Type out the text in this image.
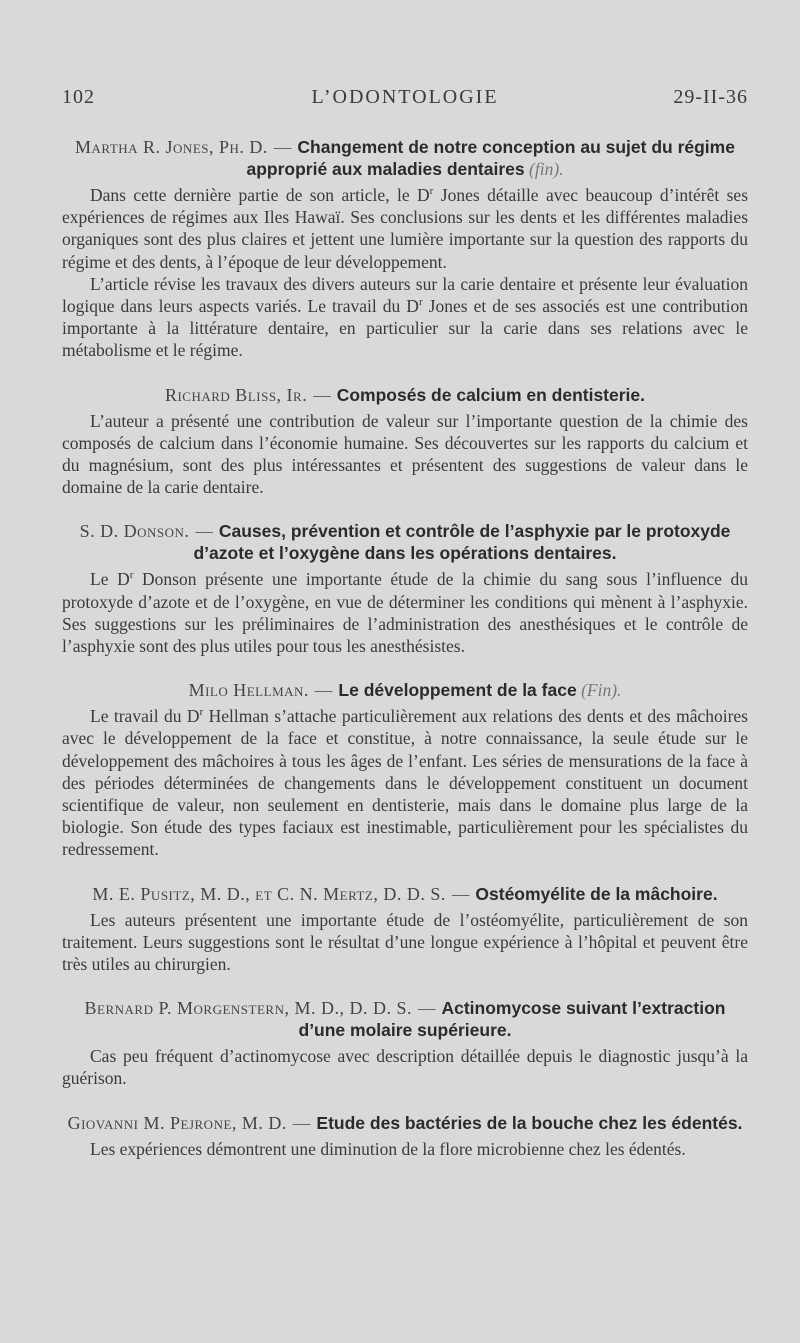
102	L’ODONTOLOGIE	29-II-36

Martha R. Jones, Ph. D. — Changement de notre conception au sujet du régime approprié aux maladies dentaires (fin).

Dans cette dernière partie de son article, le $D^r$ Jones détaille avec beaucoup d’intérêt ses expériences de régimes aux Iles Hawaï. Ses conclusions sur les dents et les différentes maladies organiques sont des plus claires et jettent une lumière importante sur la question des rapports du régime et des dents, à l’époque de leur développement.

L’article révise les travaux des divers auteurs sur la carie dentaire et présente leur évaluation logique dans leurs aspects variés. Le travail du $D^r$ Jones et de ses associés est une contribution importante à la littérature dentaire, en particulier sur la carie dans ses relations avec le métabolisme et le régime.

Richard Bliss, Ir. — Composés de calcium en dentisterie.

L’auteur a présenté une contribution de valeur sur l’importante question de la chimie des composés de calcium dans l’économie humaine. Ses découvertes sur les rapports du calcium et du magnésium, sont des plus intéressantes et présentent des suggestions de valeur dans le domaine de la carie dentaire.

S. D. Donson. — Causes, prévention et contrôle de l’asphyxie par le protoxyde d’azote et l’oxygène dans les opérations dentaires.

Le $D^r$ Donson présente une importante étude de la chimie du sang sous l’influence du protoxyde d’azote et de l’oxygène, en vue de déterminer les conditions qui mènent à l’asphyxie. Ses suggestions sur les préliminaires de l’administration des anesthésiques et le contrôle de l’asphyxie sont des plus utiles pour tous les anesthésistes.

Milo Hellman. — Le développement de la face (Fin).

Le travail du $D^r$ Hellman s’attache particulièrement aux relations des dents et des mâchoires avec le développement de la face et constitue, à notre connaissance, la seule étude sur le développement des mâchoires à tous les âges de l’enfant. Les séries de mensurations de la face à des périodes déterminées de changements dans le développement constituent un document scientifique de valeur, non seulement en dentisterie, mais dans le domaine plus large de la biologie. Son étude des types faciaux est inestimable, particulièrement pour les spécialistes du redressement.

M. E. Pusitz, M. D., et C. N. Mertz, D. D. S. — Ostéomyélite de la mâchoire.

Les auteurs présentent une importante étude de l’ostéomyélite, particulièrement de son traitement. Leurs suggestions sont le résultat d’une longue expérience à l’hôpital et peuvent être très utiles au chirurgien.

Bernard P. Morgenstern, M. D., D. D. S. — Actinomycose suivant l’extraction d’une molaire supérieure.

Cas peu fréquent d’actinomycose avec description détaillée depuis le diagnostic jusqu’à la guérison.

Giovanni M. Pejrone, M. D. — Etude des bactéries de la bouche chez les édentés.

Les expériences démontrent une diminution de la flore microbienne chez les édentés.
